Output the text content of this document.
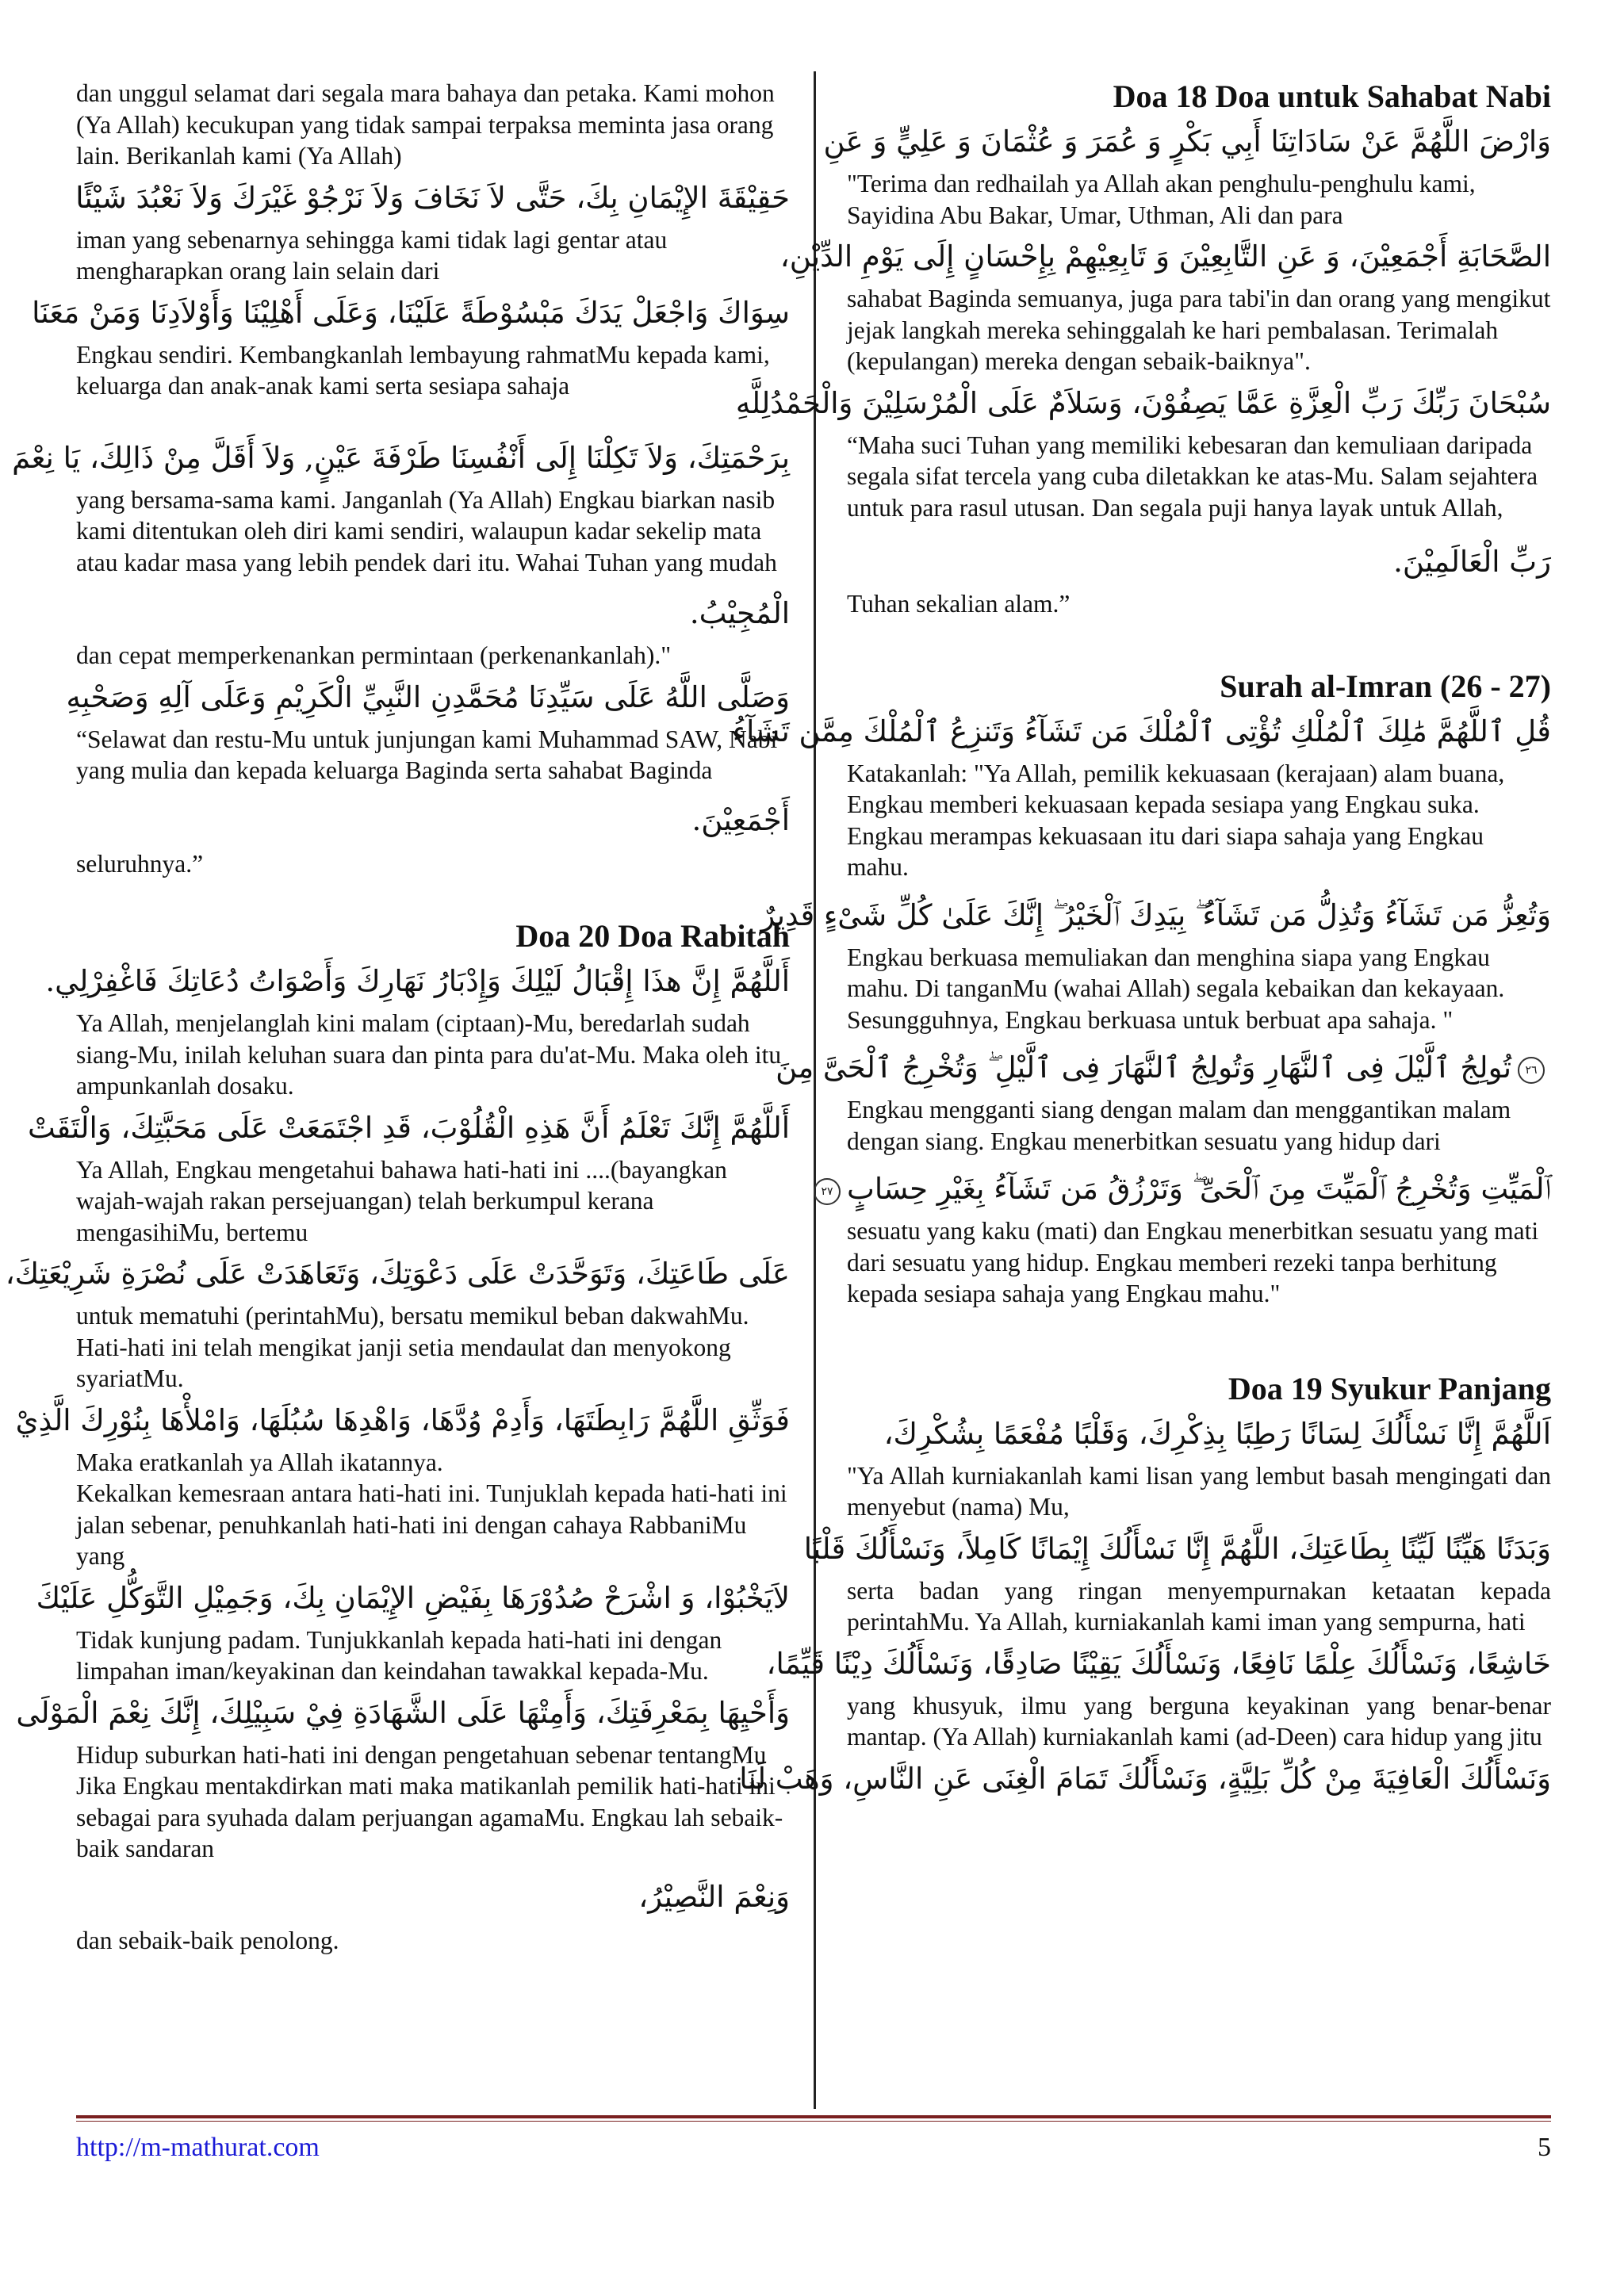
dan unggul selamat dari segala mara bahaya dan petaka. Kami mohon (Ya Allah) kecukupan yang tidak sampai terpaksa meminta jasa orang lain. Berikanlah kami (Ya Allah)

حَقِيْقَةَ الإِيْمَانِ بِكَ، حَتَّى لاَ نَخَافَ وَلاَ نَرْجُوْ غَيْرَكَ وَلاَ نَعْبُدَ شَيْئًا

iman yang sebenarnya sehingga kami tidak lagi gentar atau mengharapkan orang lain selain dari

سِوَاكَ وَاجْعَلْ يَدَكَ مَبْسُوْطَةً عَلَيْنَا، وَعَلَى أَهْلِيْنَا وَأَوْلاَدِنَا وَمَنْ مَعَنَا

Engkau sendiri. Kembangkanlah lembayung rahmatMu kepada kami, keluarga dan anak-anak kami serta sesiapa sahaja

بِرَحْمَتِكَ، وَلاَ تَكِلْنَا إِلَى أَنْفُسِنَا طَرْفَةَ عَيْنٍ, وَلاَ أَقَلَّ مِنْ ذَالِكَ، يَا نِعْمَ

yang bersama-sama kami. Janganlah (Ya Allah) Engkau biarkan nasib kami ditentukan oleh diri kami sendiri, walaupun kadar sekelip mata atau kadar masa yang lebih pendek dari itu. Wahai Tuhan yang mudah

الْمُجِيْبُ.

dan cepat memperkenankan permintaan (perkenankanlah)."

وَصَلَّى اللَّهُ عَلَى سَيِّدِنَا مُحَمَّدِنِ النَّبِيِّ الْكَرِيْمِ وَعَلَى آلِهِ وَصَحْبِهِ

“Selawat dan restu-Mu untuk junjungan kami Muhammad SAW, Nabi yang mulia dan kepada keluarga Baginda serta sahabat Baginda

أَجْمَعِيْنَ.

seluruhnya.”

Doa 20 Doa Rabitah

أَللَّهُمَّ إِنَّ هذَا إِقْبَالُ لَيْلِكَ وَإِدْبَارُ نَهَارِكَ وَأَصْوَاتُ دُعَاتِكَ فَاغْفِرْلِي.

Ya Allah, menjelanglah kini malam (ciptaan)-Mu, beredarlah sudah siang-Mu, inilah keluhan suara dan pinta para du'at-Mu. Maka oleh itu ampunkanlah dosaku.

أَللَّهُمَّ إِنَّكَ تَعْلَمُ أَنَّ هَذِهِ الْقُلُوْبَ، قَدِ اجْتَمَعَتْ عَلَى مَحَبَّتِكَ، وَالْتَقَتْ

Ya Allah, Engkau mengetahui bahawa hati-hati ini ....(bayangkan wajah-wajah rakan persejuangan) telah berkumpul kerana mengasihiMu, bertemu

عَلَى طَاعَتِكَ، وَتَوَحَّدَتْ عَلَى دَعْوَتِكَ، وَتَعَاهَدَتْ عَلَى نُصْرَةِ شَرِيْعَتِكَ،

untuk mematuhi (perintahMu), bersatu memikul beban dakwahMu. Hati-hati ini telah mengikat janji setia mendaulat dan menyokong syariatMu.

فَوَثِّقِ اللَّهُمَّ رَابِطَتَهَا، وَأَدِمْ وُدَّهَا، وَاهْدِهَا سُبُلَهَا، وَامْلأْهَا بِنُوْرِكَ الَّذِيْ

Maka eratkanlah ya Allah ikatannya.

Kekalkan kemesraan antara hati-hati ini. Tunjuklah kepada hati-hati ini jalan sebenar, penuhkanlah hati-hati ini dengan cahaya RabbaniMu yang

لاَيَخْبُوْا، وَ اشْرَحْ صُدُوْرَهَا بِفَيْضِ الإِيْمَانِ بِكَ، وَجَمِيْلِ التَّوَكُّلِ عَلَيْكَ

Tidak kunjung padam. Tunjukkanlah kepada hati-hati ini dengan limpahan iman/keyakinan dan keindahan tawakkal kepada-Mu.

وَأَحْيِهَا بِمَعْرِفَتِكَ، وَأَمِتْهَا عَلَى الشَّهَادَةِ فِيْ سَبِيْلِكَ، إِنَّكَ نِعْمَ الْمَوْلَى

Hidup suburkan hati-hati ini dengan pengetahuan sebenar tentangMu Jika Engkau mentakdirkan mati maka matikanlah pemilik hati-hati ini sebagai para syuhada dalam perjuangan agamaMu. Engkau lah sebaik-baik sandaran

وَنِعْمَ النَّصِيْرُ،

dan sebaik-baik penolong.

Doa 18 Doa untuk Sahabat Nabi

وَارْضَ اللَّهُمَّ عَنْ سَادَاتِنَا أَبِي بَكْرٍ وَ عُمَرَ وَ عُثْمَانَ وَ عَلِيٍّ وَ عَنِ

"Terima dan redhailah ya Allah akan penghulu-penghulu kami, Sayidina Abu Bakar, Umar, Uthman, Ali dan para

الصَّحَابَةِ أَجْمَعِيْنَ، وَ عَنِ التَّابِعِيْنَ وَ تَابِعِيْهِمْ بِإِحْسَانٍ إِلَى يَوْمِ الدِّيْنِ،

sahabat Baginda semuanya, juga para tabi'in dan orang yang mengikut jejak langkah mereka sehinggalah ke hari pembalasan. Terimalah (kepulangan) mereka dengan sebaik-baiknya".

سُبْحَانَ رَبِّكَ رَبِّ الْعِزَّةِ عَمَّا يَصِفُوْنَ، وَسَلاَمٌ عَلَى الْمُرْسَلِيْنَ وَالْحَمْدُلِلَّهِ

“Maha suci Tuhan yang memiliki kebesaran dan kemuliaan daripada segala sifat tercela yang cuba diletakkan ke atas-Mu. Salam sejahtera untuk para rasul utusan. Dan segala puji hanya layak untuk Allah,

رَبِّ الْعَالَمِيْنَ.

Tuhan sekalian alam.”

Surah al-Imran (26 - 27)

قُلِ ٱللَّهُمَّ مَٰلِكَ ٱلْمُلْكِ تُؤْتِى ٱلْمُلْكَ مَن تَشَآءُ وَتَنزِعُ ٱلْمُلْكَ مِمَّن تَشَآءُ

Katakanlah: "Ya Allah, pemilik kekuasaan (kerajaan) alam buana, Engkau memberi kekuasaan kepada sesiapa yang Engkau suka. Engkau merampas kekuasaan itu dari siapa sahaja yang Engkau mahu.

وَتُعِزُّ مَن تَشَآءُ وَتُذِلُّ مَن تَشَآءُ ۖ بِيَدِكَ ٱلْخَيْرُ ۖ إِنَّكَ عَلَىٰ كُلِّ شَىْءٍ قَدِيرٌ

Engkau berkuasa memuliakan dan menghina siapa yang Engkau mahu. Di tanganMu (wahai Allah) segala kebaikan dan kekayaan. Sesungguhnya, Engkau berkuasa untuk berbuat apa sahaja. "

٢٦تُولِجُ ٱلَّيْلَ فِى ٱلنَّهَارِ وَتُولِجُ ٱلنَّهَارَ فِى ٱلَّيْلِ ۖ وَتُخْرِجُ ٱلْحَىَّ مِنَ

Engkau mengganti siang dengan malam dan menggantikan malam dengan siang. Engkau menerbitkan sesuatu yang hidup dari

ٱلْمَيِّتِ وَتُخْرِجُ ٱلْمَيِّتَ مِنَ ٱلْحَىِّ ۖ وَتَرْزُقُ مَن تَشَآءُ بِغَيْرِ حِسَابٍ٢٧

sesuatu yang kaku (mati) dan Engkau menerbitkan sesuatu yang mati dari sesuatu yang hidup. Engkau memberi rezeki tanpa berhitung kepada sesiapa sahaja yang Engkau mahu."

Doa 19 Syukur Panjang

اَللَّهُمَّ إِنَّا نَسْأَلُكَ لِسَانًا رَطِبًا بِذِكْرِكَ، وَقَلْبًا مُفْعَمًا بِشُكْرِكَ،

"Ya Allah kurniakanlah kami lisan yang lembut basah mengingati dan menyebut (nama) Mu,

وَبَدَنًا هَيِّنًا لَيِّنًا بِطَاعَتِكَ، اللَّهُمَّ إِنَّا نَسْأَلُكَ إِيْمَانًا كَامِلاً، وَنَسْأَلُكَ قَلْبًا

serta badan yang ringan menyempurnakan ketaatan kepada perintahMu. Ya Allah, kurniakanlah kami iman yang sempurna, hati

خَاشِعًا، وَنَسْأَلُكَ عِلْمًا نَافِعًا، وَنَسْأَلُكَ يَقِيْنًا صَادِقًا، وَنَسْأَلُكَ دِيْنًا قَيِّمًا،

yang khusyuk, ilmu yang berguna keyakinan yang benar-benar mantap. (Ya Allah) kurniakanlah kami (ad-Deen) cara hidup yang jitu

وَنَسْأَلُكَ الْعَافِيَةَ مِنْ كُلِّ بَلِيَّةٍ، وَنَسْأَلُكَ تَمَامَ الْغِنَى عَنِ النَّاسِ، وَهَبْ لَنَا

http://m-mathurat.com	5
